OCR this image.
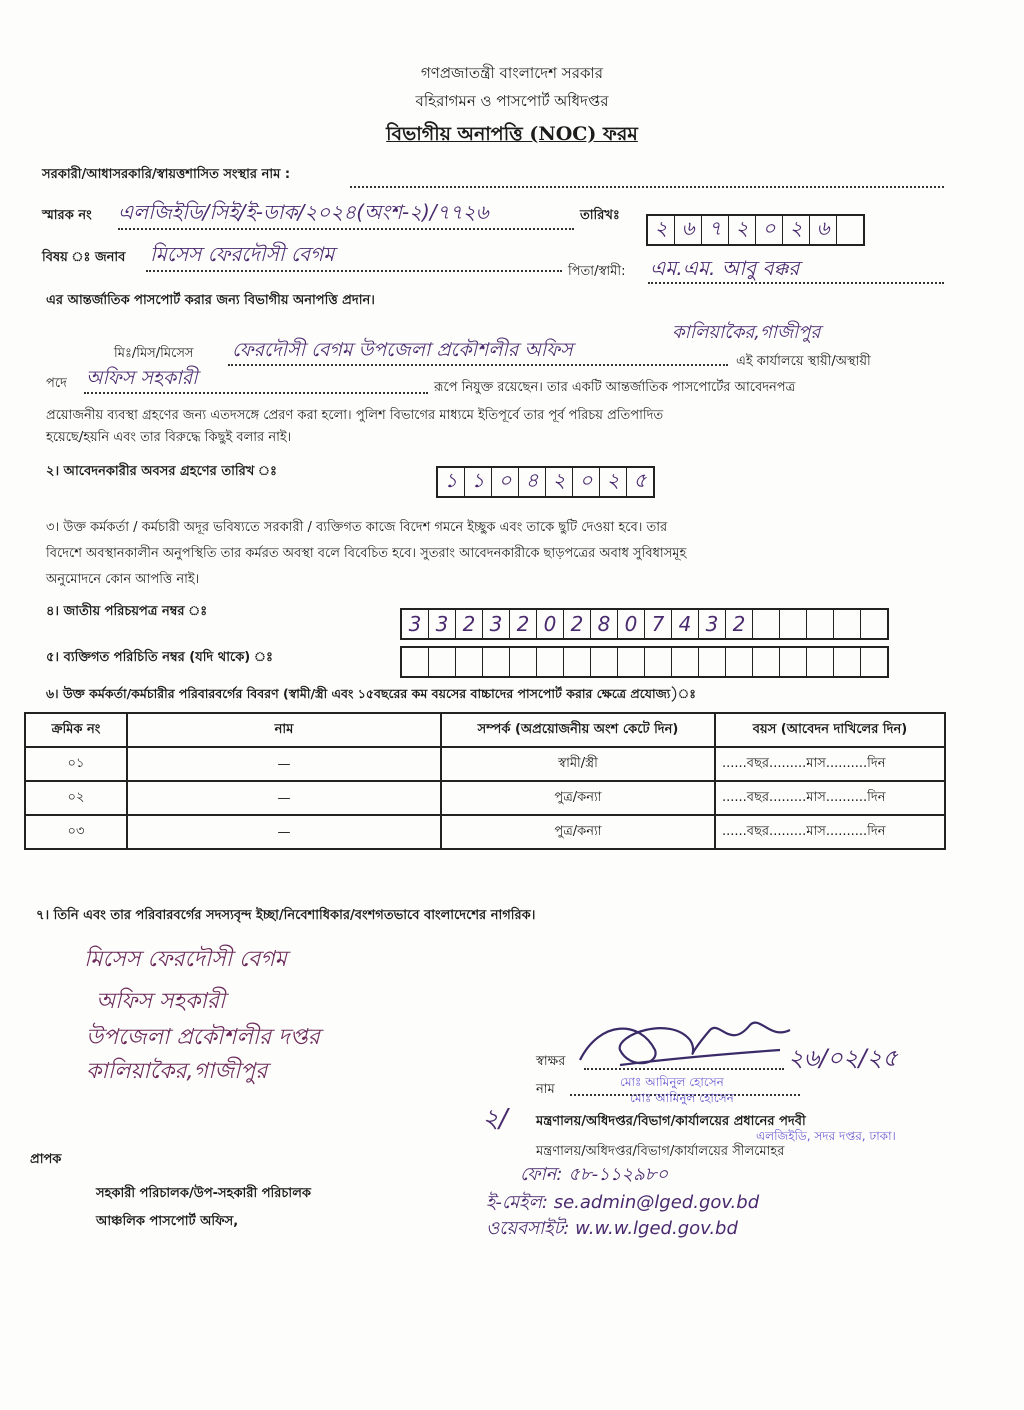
গণপ্রজাতন্ত্রী বাংলাদেশ সরকার
বহিরাগমন ও পাসপোর্ট অধিদপ্তর
বিভাগীয় অনাপত্তি (NOC) ফরম
সরকারী/আধাসরকারি/স্বায়ত্তশাসিত সংস্থার নাম :
স্মারক নং এলজিইডি/সিই/ই-ডাক/২০২৪(অংশ-২)/৭৭২৬	তারিখঃ	২ ৬ ৭ ২ ০ ২ ৬
বিষয় ঃ জনাব মিসেস ফেরদৌসী বেগম
পিতা/স্বামী: এম.এম. আবু বক্কর
এর আন্তর্জাতিক পাসপোর্ট করার জন্য বিভাগীয় অনাপত্তি প্রদান।
কালিয়াকৈর,গাজীপুর
মিঃ/মিস/মিসেস ফেরদৌসী বেগম উপজেলা প্রকৌশলীর অফিস
এই কার্যালয়ে স্থায়ী/অস্থায়ী
পদে অফিস সহকারী	রূপে নিযুক্ত রয়েছেন। তার একটি আন্তর্জাতিক পাসপোর্টের আবেদনপত্র
প্রয়োজনীয় ব্যবস্থা গ্রহণের জন্য এতদসঙ্গে প্রেরণ করা হলো। পুলিশ বিভাগের মাধ্যমে ইতিপূর্বে তার পূর্ব পরিচয় প্রতিপাদিত
হয়েছে/হয়নি এবং তার বিরুদ্ধে কিছুই বলার নাই।
২। আবেদনকারীর অবসর গ্রহণের তারিখ ঃ	১ ১ ০ ৪ ২ ০ ২ ৫
৩। উক্ত কর্মকর্তা / কর্মচারী অদূর ভবিষ্যতে সরকারী / ব্যক্তিগত কাজে বিদেশ গমনে ইচ্ছুক এবং তাকে ছুটি দেওয়া হবে। তার
বিদেশে অবস্থানকালীন অনুপস্থিতি তার কর্মরত অবস্থা বলে বিবেচিত হবে। সুতরাং আবেদনকারীকে ছাড়পত্রের অবাধ সুবিধাসমূহ
অনুমোদনে কোন আপত্তি নাই।
৪। জাতীয় পরিচয়পত্র নম্বর ঃ
3 3 2 3 2 0 2 8 0 7 4 3 2
৫। ব্যক্তিগত পরিচিতি নম্বর (যদি থাকে) ঃ
৬। উক্ত কর্মকর্তা/কর্মচারীর পরিবারবর্গের বিবরণ (স্বামী/স্ত্রী এবং ১৫বছরের কম বয়সের বাচ্চাদের পাসপোর্ট করার ক্ষেত্রে প্রযোজ্য)ঃ
ক্রমিক নং	নাম	সম্পর্ক (অপ্রয়োজনীয় অংশ কেটে দিন)	বয়স (আবেদন দাখিলের দিন)
০১	—	স্বামী/স্ত্রী	......বছর.........মাস..........দিন
০২	—	পুত্র/কন্যা	......বছর.........মাস..........দিন
০৩	—	পুত্র/কন্যা	......বছর.........মাস..........দিন
৭। তিনি এবং তার পরিবারবর্গের সদস্যবৃন্দ ইচ্ছা/নিবেশাধিকার/বংশগতভাবে বাংলাদেশের নাগরিক।
মিসেস ফেরদৌসী বেগম
অফিস সহকারী
উপজেলা প্রকৌশলীর দপ্তর
কালিয়াকৈর,গাজীপুর	স্বাক্ষর	২৬/০২/২৫
নাম	মোঃ আমিনুল হোসেন
মোঃ আমিনুল হোসেন
২/ মন্ত্রণালয়/অধিদপ্তর/বিভাগ/কার্যালয়ের প্রধানের পদবী
এলজিইডি, সদর দপ্তর, ঢাকা।
মন্ত্রণালয়/অধিদপ্তর/বিভাগ/কার্যালয়ের সীলমোহর
ফোন: ৫৮-১১২৯৮০
ই-মেইল: se.admin@lged.gov.bd
ওয়েবসাইট: w.w.w.lged.gov.bd
প্রাপক
সহকারী পরিচালক/উপ-সহকারী পরিচালক
আঞ্চলিক পাসপোর্ট অফিস,
